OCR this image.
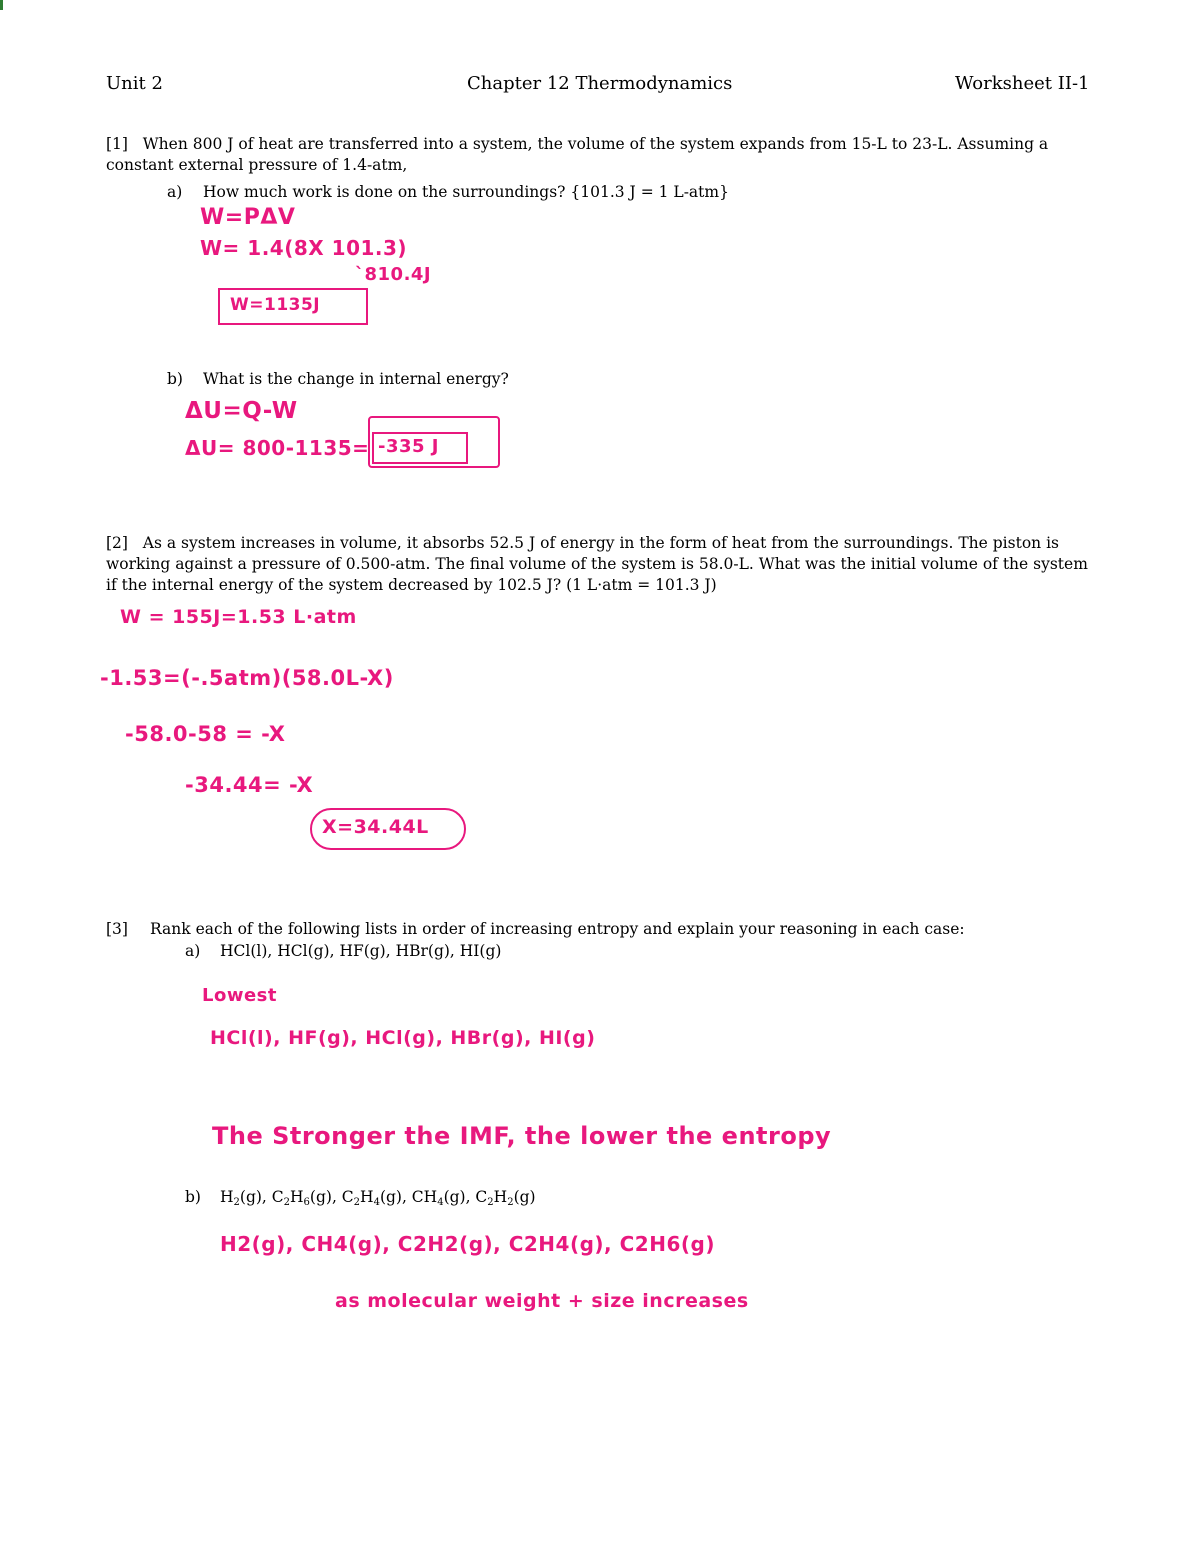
Unit 2	Chapter 12 Thermodynamics	Worksheet II-1
[1] When 800 J of heat are transferred into a system, the volume of the system expands from 15-L to 23-L. Assuming a constant external pressure of 1.4-atm,
a) How much work is done on the surroundings? {101.3 J = 1 L-atm}
W=PΔV
W= 1.4(8X 101.3)
`810.4J
W=1135J
b) What is the change in internal energy?
ΔU=Q-W
ΔU= 800-1135= -335 J
[2] As a system increases in volume, it absorbs 52.5 J of energy in the form of heat from the surroundings. The piston is working against a pressure of 0.500-atm. The final volume of the system is 58.0-L. What was the initial volume of the system if the internal energy of the system decreased by 102.5 J? (1 L·atm = 101.3 J)
W = 155J=1.53 L·atm
-1.53=(-.5atm)(58.0L-X)
-58.0-58 = -X
-34.44= -X
X=34.44L
[3] Rank each of the following lists in order of increasing entropy and explain your reasoning in each case:
a) HCl(l), HCl(g), HF(g), HBr(g), HI(g)
Lowest
HCl(l), HF(g), HCl(g), HBr(g), HI(g)
The Stronger the IMF, the lower the entropy
b) $H_2(g)$, $C_2H_6(g)$, $C_2H_4(g)$, $CH_4(g)$, $C_2H_2(g)$
H2(g), CH4(g), C2H2(g), C2H4(g), C2H6(g)
as molecular weight + size increases
